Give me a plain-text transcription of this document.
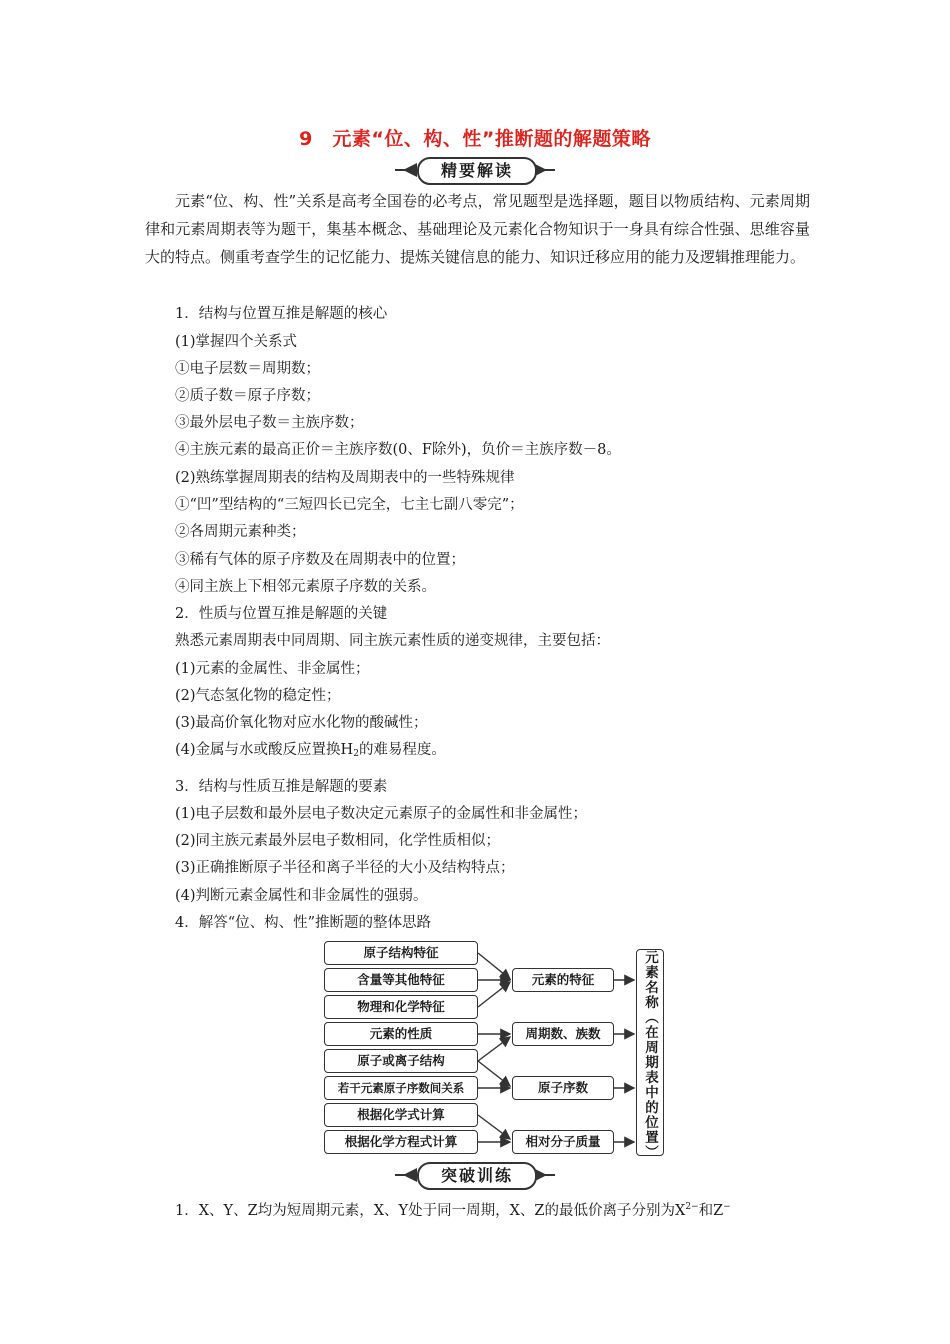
9　元素“位、构、性”推断题的解题策略
精要解读
元素“位、构、性”关系是高考全国卷的必考点，常见题型是选择题，题目以物质结构、元素周期律和元素周期表等为题干，集基本概念、基础理论及元素化合物知识于一身具有综合性强、思维容量大的特点。侧重考查学生的记忆能力、提炼关键信息的能力、知识迁移应用的能力及逻辑推理能力。
1．结构与位置互推是解题的核心
(1)掌握四个关系式
①电子层数＝周期数；
②质子数＝原子序数；
③最外层电子数＝主族序数；
④主族元素的最高正价＝主族序数(0、F除外)，负价＝主族序数－8。
(2)熟练掌握周期表的结构及周期表中的一些特殊规律
①“凹”型结构的“三短四长已完全，七主七副八零完”；
②各周期元素种类；
③稀有气体的原子序数及在周期表中的位置；
④同主族上下相邻元素原子序数的关系。
2．性质与位置互推是解题的关键
熟悉元素周期表中同周期、同主族元素性质的递变规律，主要包括：
(1)元素的金属性、非金属性；
(2)气态氢化物的稳定性；
(3)最高价氧化物对应水化物的酸碱性；
(4)金属与水或酸反应置换$H_2$的难易程度。
3．结构与性质互推是解题的要素
(1)电子层数和最外层电子数决定元素原子的金属性和非金属性；
(2)同主族元素最外层电子数相同，化学性质相似；
(3)正确推断原子半径和离子半径的大小及结构特点；
(4)判断元素金属性和非金属性的强弱。
4．解答“位、构、性”推断题的整体思路
原子结构特征
含量等其他特征
物理和化学特征
元素的性质
原子或离子结构
若干元素原子序数间关系
根据化学式计算
根据化学方程式计算
元素的特征
周期数、族数
原子序数
相对分子质量	元素名称（在周期表中的位置）
突破训练
1．X、Y、Z均为短周期元素，X、Y处于同一周期，X、Z的最低价离子分别为$X^{2-}$和Z−
